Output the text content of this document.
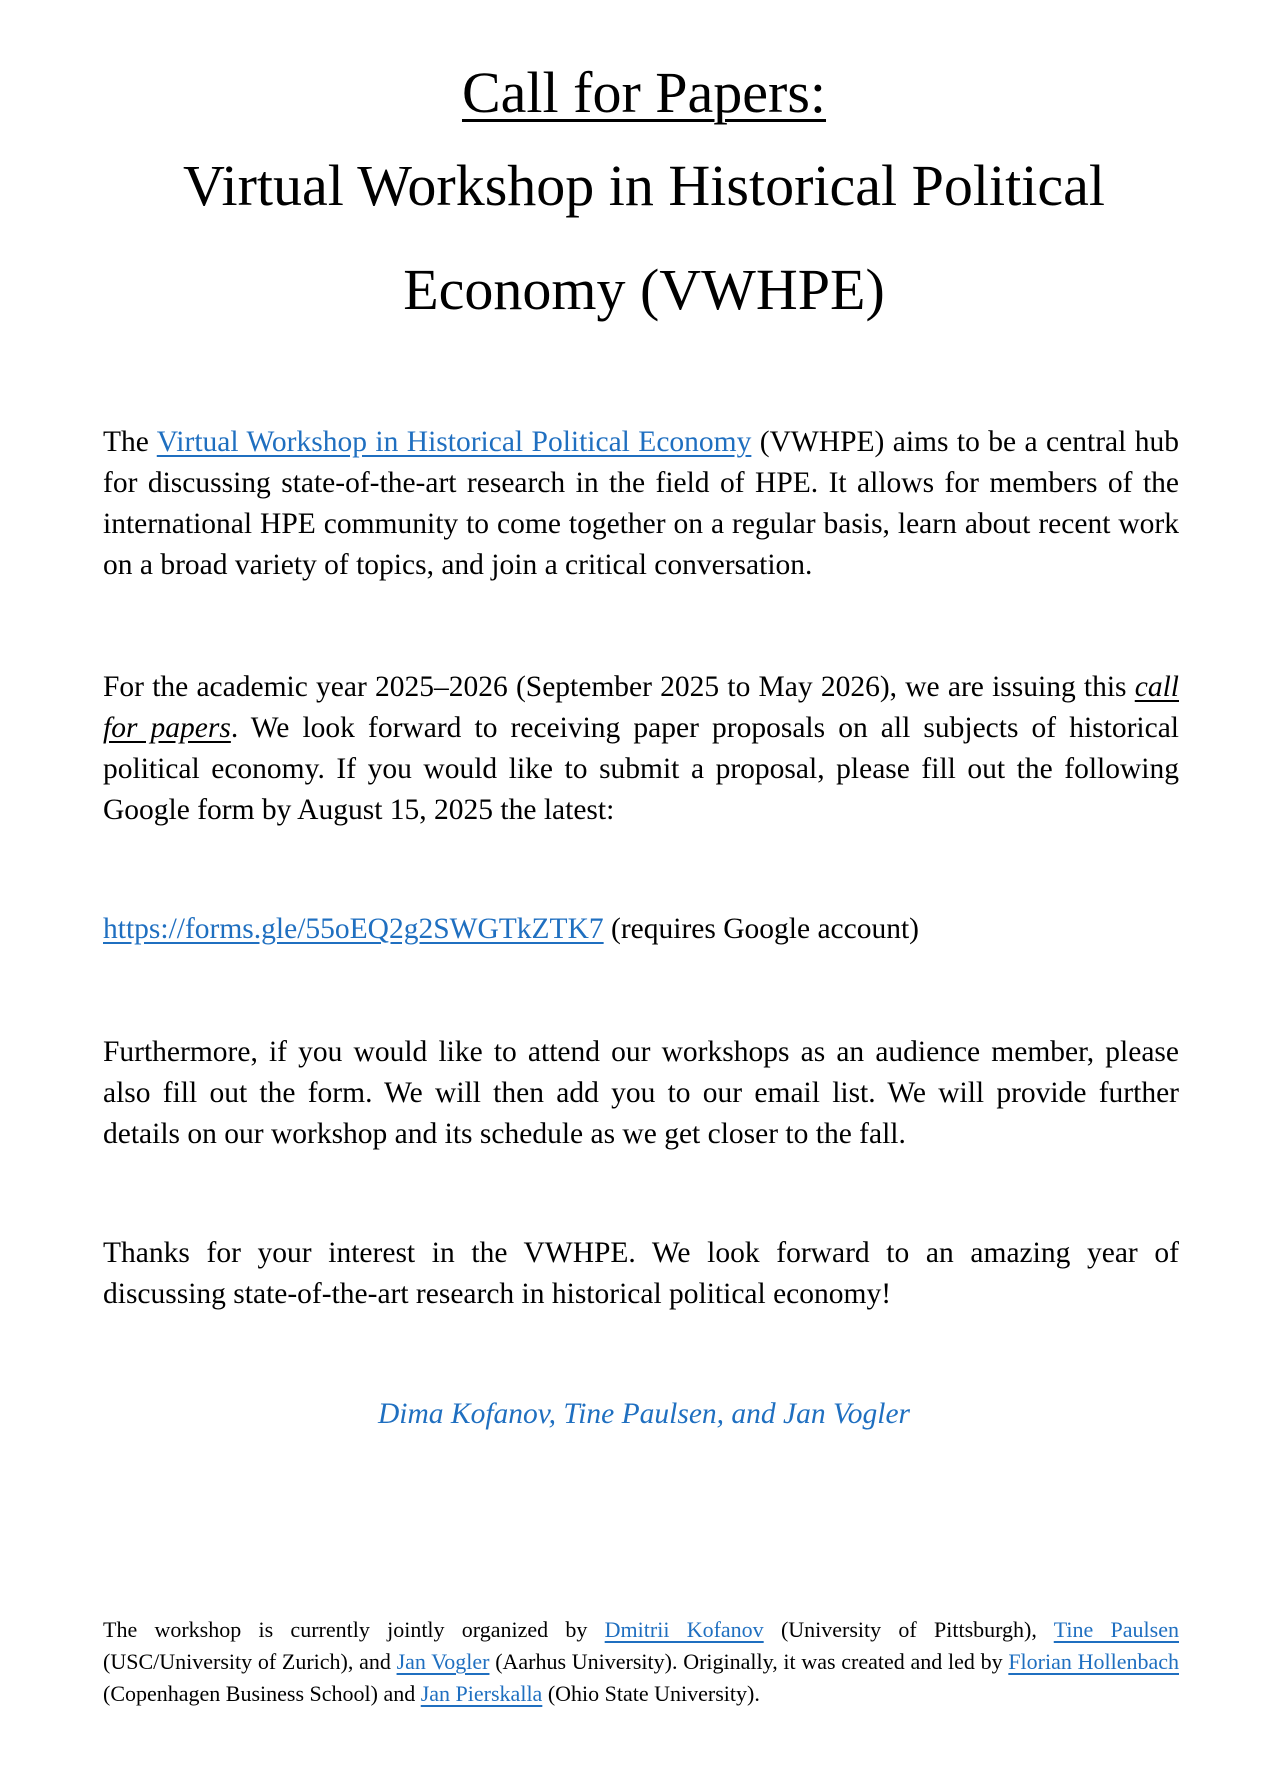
Call for Papers:

Virtual Workshop in Historical Political Economy (VWHPE)

The Virtual Workshop in Historical Political Economy (VWHPE) aims to be a central hub for discussing state-of-the-art research in the field of HPE. It allows for members of the international HPE community to come together on a regular basis, learn about recent work on a broad variety of topics, and join a critical conversation.
For the academic year 2025–2026 (September 2025 to May 2026), we are issuing this call for papers. We look forward to receiving paper proposals on all subjects of historical political economy. If you would like to submit a proposal, please fill out the following Google form by August 15, 2025 the latest:
https://forms.gle/55oEQ2g2SWGTkZTK7 (requires Google account)
Furthermore, if you would like to attend our workshops as an audience member, please also fill out the form. We will then add you to our email list. We will provide further details on our workshop and its schedule as we get closer to the fall.
Thanks for your interest in the VWHPE. We look forward to an amazing year of discussing state-of-the-art research in historical political economy!
Dima Kofanov, Tine Paulsen, and Jan Vogler
The workshop is currently jointly organized by Dmitrii Kofanov (University of Pittsburgh), Tine Paulsen (USC/University of Zurich), and Jan Vogler (Aarhus University). Originally, it was created and led by Florian Hollenbach (Copenhagen Business School) and Jan Pierskalla (Ohio State University).
